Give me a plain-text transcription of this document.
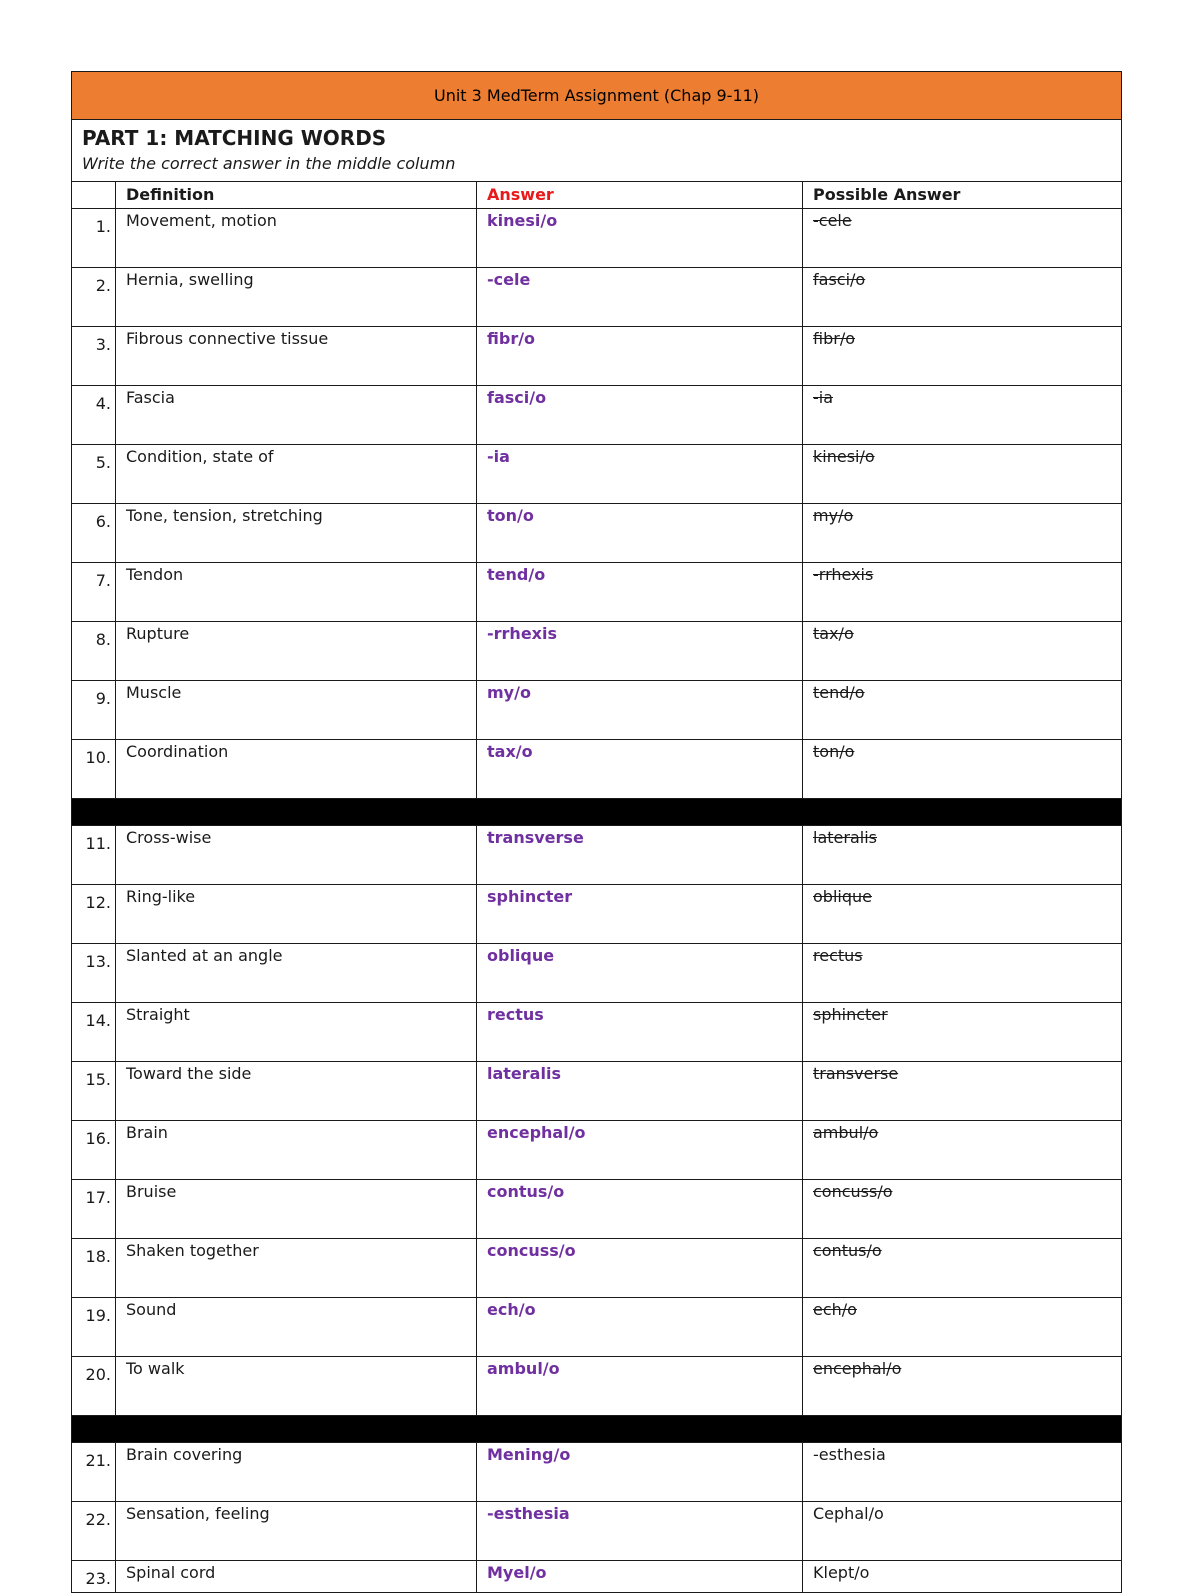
Unit 3 MedTerm Assignment (Chap 9-11)			

PART 1: MATCHING WORDS
Write the correct answer in the middle column			

	Definition	Answer	Possible Answer
1.	Movement, motion	kinesi/o	-cele
2.	Hernia, swelling	-cele	fasci/o
3.	Fibrous connective tissue	fibr/o	fibr/o
4.	Fascia	fasci/o	-ia
5.	Condition, state of	-ia	kinesi/o
6.	Tone, tension, stretching	ton/o	my/o
7.	Tendon	tend/o	-rrhexis
8.	Rupture	-rrhexis	tax/o
9.	Muscle	my/o	tend/o
10.	Coordination	tax/o	ton/o

11.	Cross-wise	transverse	lateralis
12.	Ring-like	sphincter	oblique
13.	Slanted at an angle	oblique	rectus
14.	Straight	rectus	sphincter
15.	Toward the side	lateralis	transverse
16.	Brain	encephal/o	ambul/o
17.	Bruise	contus/o	concuss/o
18.	Shaken together	concuss/o	contus/o
19.	Sound	ech/o	ech/o
20.	To walk	ambul/o	encephal/o

21.	Brain covering	Mening/o	-esthesia
22.	Sensation, feeling	-esthesia	Cephal/o
23.	Spinal cord	Myel/o	Klept/o
